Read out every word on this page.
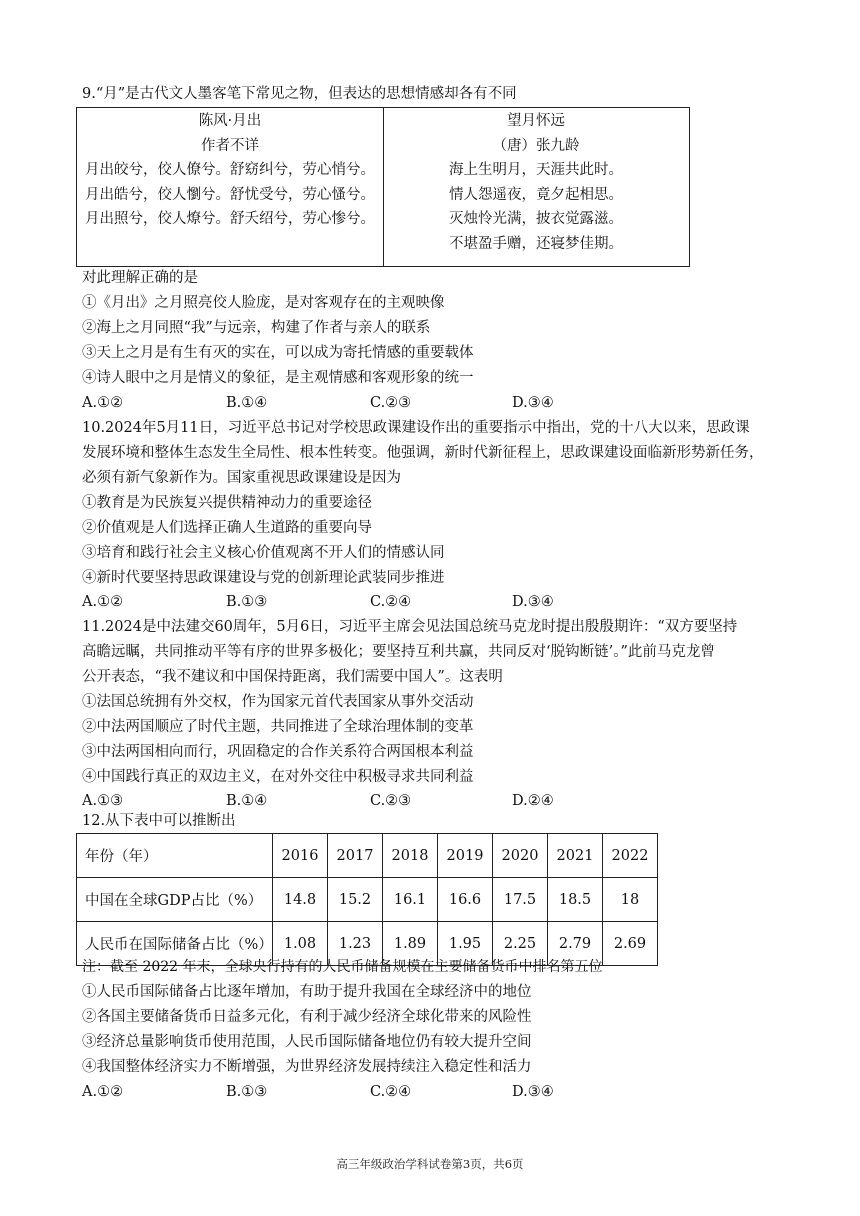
9.“月”是古代文人墨客笔下常见之物，但表达的思想情感却各有不同
陈风·月出
作者不详
月出皎兮，佼人僚兮。舒窈纠兮，劳心悄兮。
月出皓兮，佼人懰兮。舒忧受兮，劳心慅兮。
月出照兮，佼人燎兮。舒夭绍兮，劳心惨兮。
望月怀远
（唐）张九龄
海上生明月，天涯共此时。
情人怨遥夜，竟夕起相思。
灭烛怜光满，披衣觉露滋。
不堪盈手赠，还寝梦佳期。
对此理解正确的是
①《月出》之月照亮佼人脸庞，是对客观存在的主观映像
②海上之月同照“我”与远亲，构建了作者与亲人的联系
③天上之月是有生有灭的实在，可以成为寄托情感的重要载体
④诗人眼中之月是情义的象征，是主观情感和客观形象的统一
A.①②	B.①④	C.②③	D.③④
10.2024年5月11日，习近平总书记对学校思政课建设作出的重要指示中指出，党的十八大以来，思政课
发展环境和整体生态发生全局性、根本性转变。他强调，新时代新征程上，思政课建设面临新形势新任务，
必须有新气象新作为。国家重视思政课建设是因为
①教育是为民族复兴提供精神动力的重要途径
②价值观是人们选择正确人生道路的重要向导
③培育和践行社会主义核心价值观离不开人们的情感认同
④新时代要坚持思政课建设与党的创新理论武装同步推进
A.①②	B.①③	C.②④	D.③④
11.2024是中法建交60周年，5月6日，习近平主席会见法国总统马克龙时提出殷殷期许：“双方要坚持
高瞻远瞩，共同推动平等有序的世界多极化；要坚持互利共赢，共同反对‘脱钩断链’。”此前马克龙曾
公开表态，“我不建议和中国保持距离，我们需要中国人”。这表明
①法国总统拥有外交权，作为国家元首代表国家从事外交活动
②中法两国顺应了时代主题，共同推进了全球治理体制的变革
③中法两国相向而行，巩固稳定的合作关系符合两国根本利益
④中国践行真正的双边主义，在对外交往中积极寻求共同利益
A.①③	B.①④	C.②③	D.②④
12.从下表中可以推断出
年份（年）	2016	2017	2018	2019	2020	2021	2022
中国在全球GDP占比（%）	14.8	15.2	16.1	16.6	17.5	18.5	18
人民币在国际储备占比（%）	1.08	1.23	1.89	1.95	2.25	2.79	2.69
注：截至 2022 年末，全球央行持有的人民币储备规模在主要储备货币中排名第五位
①人民币国际储备占比逐年增加，有助于提升我国在全球经济中的地位
②各国主要储备货币日益多元化，有利于减少经济全球化带来的风险性
③经济总量影响货币使用范围，人民币国际储备地位仍有较大提升空间
④我国整体经济实力不断增强，为世界经济发展持续注入稳定性和活力
A.①②	B.①③	C.②④	D.③④
高三年级政治学科试卷第3页，共6页
